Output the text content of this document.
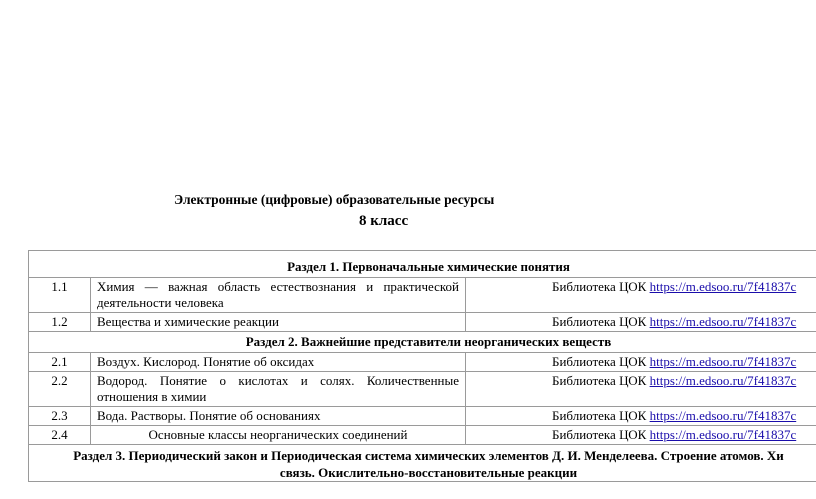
Электронные (цифровые) образовательные ресурсы
8 класс
Раздел 1. Первоначальные химические понятия		
1.1	Химия — важная область естествознания и практической деятельности человека	Библиотека ЦОК https://m.edsoo.ru/7f41837c
1.2	Вещества и химические реакции	Библиотека ЦОК https://m.edsoo.ru/7f41837c
Раздел 2. Важнейшие представители неорганических веществ		
2.1	Воздух. Кислород. Понятие об оксидах	Библиотека ЦОК https://m.edsoo.ru/7f41837c
2.2	Водород. Понятие о кислотах и солях. Количественные отношения в химии	Библиотека ЦОК https://m.edsoo.ru/7f41837c
2.3	Вода. Растворы. Понятие об основаниях	Библиотека ЦОК https://m.edsoo.ru/7f41837c
2.4	Основные классы неорганических соединений	Библиотека ЦОК https://m.edsoo.ru/7f41837c

Раздел 3. Периодический закон и Периодическая система химических элементов Д. И. Менделеева. Строение атомов. Хи
связь. Окислительно-восстановительные реакции		
